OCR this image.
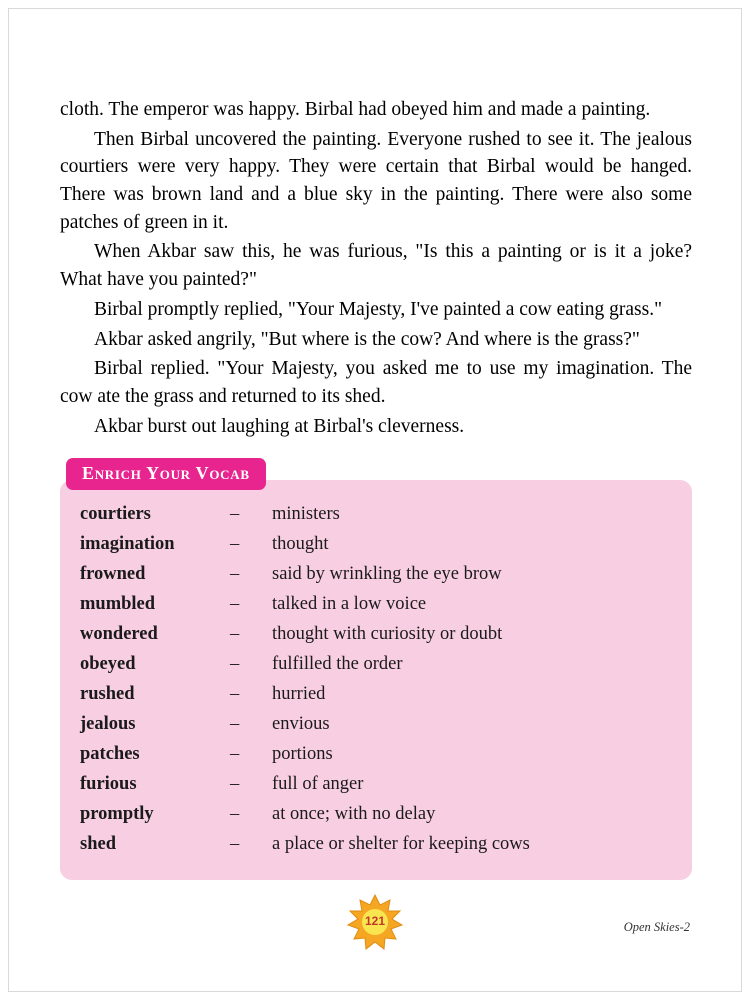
cloth. The emperor was happy. Birbal had obeyed him and made a painting.

Then Birbal uncovered the painting. Everyone rushed to see it. The jealous courtiers were very happy. They were certain that Birbal would be hanged. There was brown land and a blue sky in the painting. There were also some patches of green in it.

When Akbar saw this, he was furious, "Is this a painting or is it a joke? What have you painted?"

Birbal promptly replied, "Your Majesty, I've painted a cow eating grass."

Akbar asked angrily, "But where is the cow? And where is the grass?"

Birbal replied. "Your Majesty, you asked me to use my imagination. The cow ate the grass and returned to its shed.

Akbar burst out laughing at Birbal's cleverness.

Enrich Your Vocab
courtiers	–	ministers
imagination	–	thought
frowned	–	said by wrinkling the eye brow
mumbled	–	talked in a low voice
wondered	–	thought with curiosity or doubt
obeyed	–	fulfilled the order
rushed	–	hurried
jealous	–	envious
patches	–	portions
furious	–	full of anger
promptly	–	at once; with no delay
shed	–	a place or shelter for keeping cows
121	Open Skies-2
